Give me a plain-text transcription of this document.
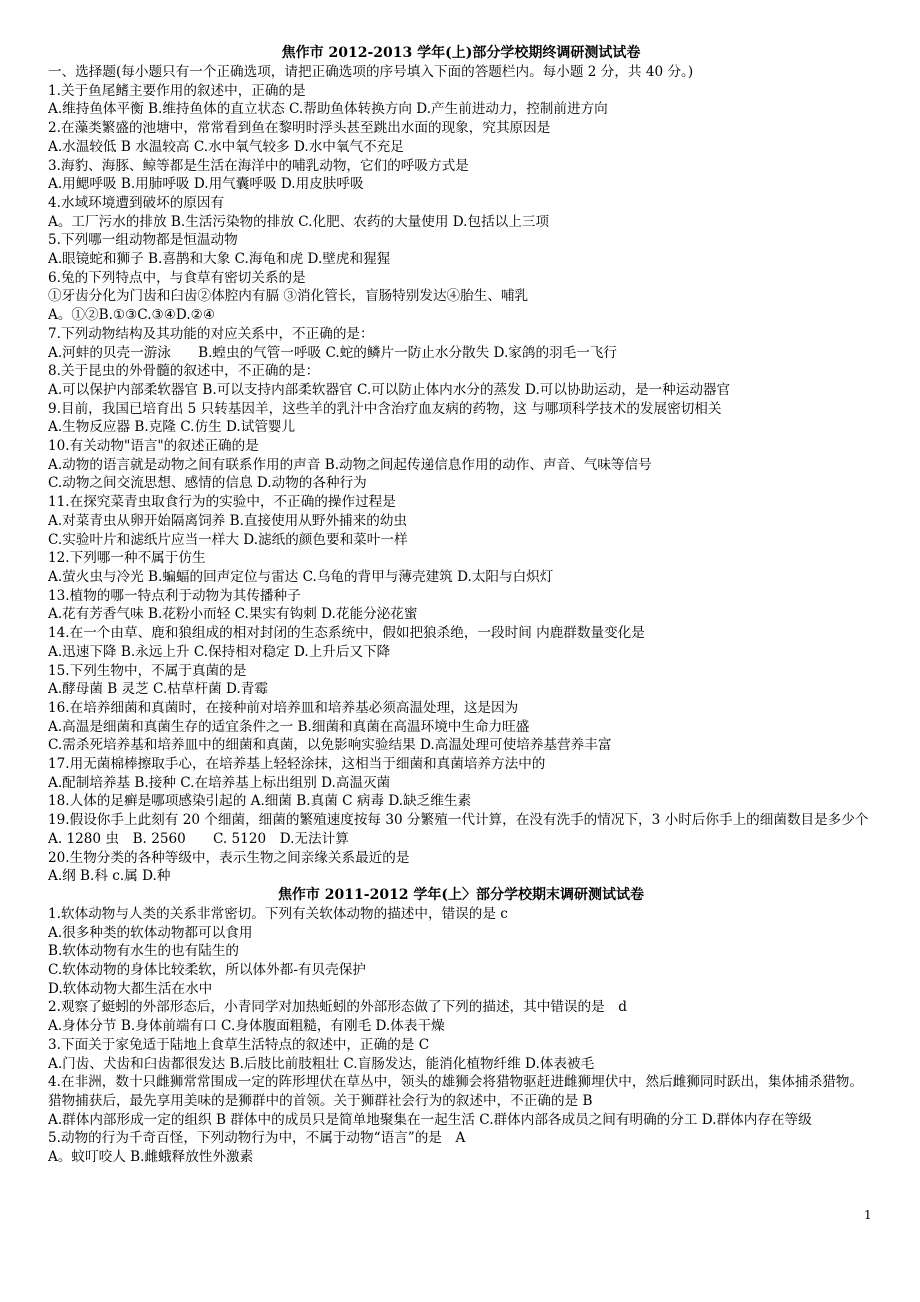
焦作市 2012-2013 学年(上)部分学校期终调研测试试卷

一、选择题(每小题只有一个正确选项，请把正确选项的序号填入下面的答题栏内。每小题 2 分，共 40 分。)

1.关于鱼尾鳍主要作用的叙述中，正确的是

A.维持鱼体平衡 B.维持鱼体的直立状态 C.帮助鱼体转换方向 D.产生前进动力，控制前进方向

2.在藻类繁盛的池塘中，常常看到鱼在黎明时浮头甚至跳出水面的现象，究其原因是

A.水温较低 B 水温较高 C.水中氧气较多 D.水中氧气不充足

3.海豹、海豚、鲸等都是生活在海洋中的哺乳动物，它们的呼吸方式是

A.用鳃呼吸 B.用肺呼吸 D.用气囊呼吸 D.用皮肤呼吸

4.水域环境遭到破坏的原因有

A。工厂污水的排放 B.生活污染物的排放 C.化肥、农药的大量使用 D.包括以上三项

5.下列哪一组动物都是恒温动物

A.眼镜蛇和狮子 B.喜鹊和大象 C.海龟和虎 D.壁虎和猩猩

6.兔的下列特点中，与食草有密切关系的是

①牙齿分化为门齿和臼齿②体腔内有膈 ③消化管长，盲肠特别发达④胎生、哺乳

A。①②B.①③C.③④D.②④

7.下列动物结构及其功能的对应关系中，不正确的是：

A.河蚌的贝壳一游泳　　B.蝗虫的气管一呼吸 C.蛇的鳞片一防止水分散失 D.家鸽的羽毛一飞行

8.关于昆虫的外骨髓的叙述中，不正确的是：

A.可以保护内部柔软器官 B.可以支持内部柔软器官 C.可以防止体内水分的蒸发 D.可以协助运动，是一种运动器官

9.目前，我国已培育出 5 只转基因羊，这些羊的乳汁中含治疗血友病的药物，这 与哪项科学技术的发展密切相关

A.生物反应器 B.克隆 C.仿生 D.试管婴儿

10.有关动物"语言"的叙述正确的是

A.动物的语言就是动物之间有联系作用的声音 B.动物之间起传递信息作用的动作、声音、气味等信号

C.动物之间交流思想、感情的信息 D.动物的各种行为

11.在探究菜青虫取食行为的实验中，不正确的操作过程是

A.对菜青虫从卵开始隔离饲养 B.直接使用从野外捕来的幼虫

C.实验叶片和滤纸片应当一样大 D.滤纸的颜色要和菜叶一样

12.下列哪一种不属于仿生

A.萤火虫与冷光 B.蝙蝠的回声定位与雷达 C.乌龟的背甲与薄壳建筑 D.太阳与白炽灯

13.植物的哪一特点利于动物为其传播种子

A.花有芳香气味 B.花粉小而轻 C.果实有钩刺 D.花能分泌花蜜

14.在一个由草、鹿和狼组成的相对封闭的生态系统中，假如把狼杀绝，一段时间 内鹿群数量变化是

A.迅速下降 B.永远上升 C.保持相对稳定 D.上升后又下降

15.下列生物中，不属于真菌的是

A.酵母菌 B 灵芝 C.枯草杆菌 D.青霉

16.在培养细菌和真菌时，在接种前对培养皿和培养基必须高温处理，这是因为

A.高温是细菌和真菌生存的适宜条件之一 B.细菌和真菌在高温环境中生命力旺盛

C.需杀死培养基和培养皿中的细菌和真菌，以免影响实验结果 D.高温处理可使培养基营养丰富

17.用无菌棉棒擦取手心，在培养基上轻轻涂抹，这相当于细菌和真菌培养方法中的

A.配制培养基 B.接种 C.在培养基上标出组别 D.高温灭菌

18.人体的足癣是哪项感染引起的 A.细菌 B.真菌 C 病毒 D.缺乏维生素

19.假设你手上此刻有 20 个细菌，细菌的繁殖速度按每 30 分繁殖一代计算，在没有洗手的情况下，3 小时后你手上的细菌数目是多少个

A. 1280 虫　B. 2560　　C. 5120　D.无法计算

20.生物分类的各种等级中，表示生物之间亲缘关系最近的是

A.纲 B.科 c.属 D.种

焦作市 2011-2012 学年(上〉部分学校期末调研测试试卷

1.软体动物与人类的关系非常密切。下列有关软体动物的描述中，错误的是 c

A.很多种类的软体动物都可以食用

B.软体动物有水生的也有陆生的

C.软体动物的身体比较柔软，所以体外都-有贝壳保护

D.软体动物大都生活在水中

2.观察了蜓蚓的外部形态后，小青同学对加热蚯蚓的外部形态做了下列的描述，其中错误的是　d

A.身体分节 B.身体前端有口 C.身体腹面粗糙，有刚毛 D.体表干燥

3.下面关于家兔适于陆地上食草生活特点的叙述中，正确的是 C

A.门齿、犬齿和臼齿都很发达 B.后肢比前肢粗壮 C.盲肠发达，能消化植物纤维 D.体表被毛

4.在非洲，数十只雌狮常常围成一定的阵形埋伏在草丛中，领头的雄狮会将猎物驱赶进雌狮埋伏中，然后雌狮同时跃出，集体捕杀猎物。猎物捕获后，最先享用美味的是狮群中的首领。关于狮群社会行为的叙述中，不正确的是 B

A.群体内部形成一定的组织 B 群体中的成员只是简单地聚集在一起生活 C.群体内部各成员之间有明确的分工 D.群体内存在等级

5.动物的行为千奇百怪，下列动物行为中，不属于动物“语言”的是　A

A。蚊叮咬人 B.雌蛾释放性外激素

1
